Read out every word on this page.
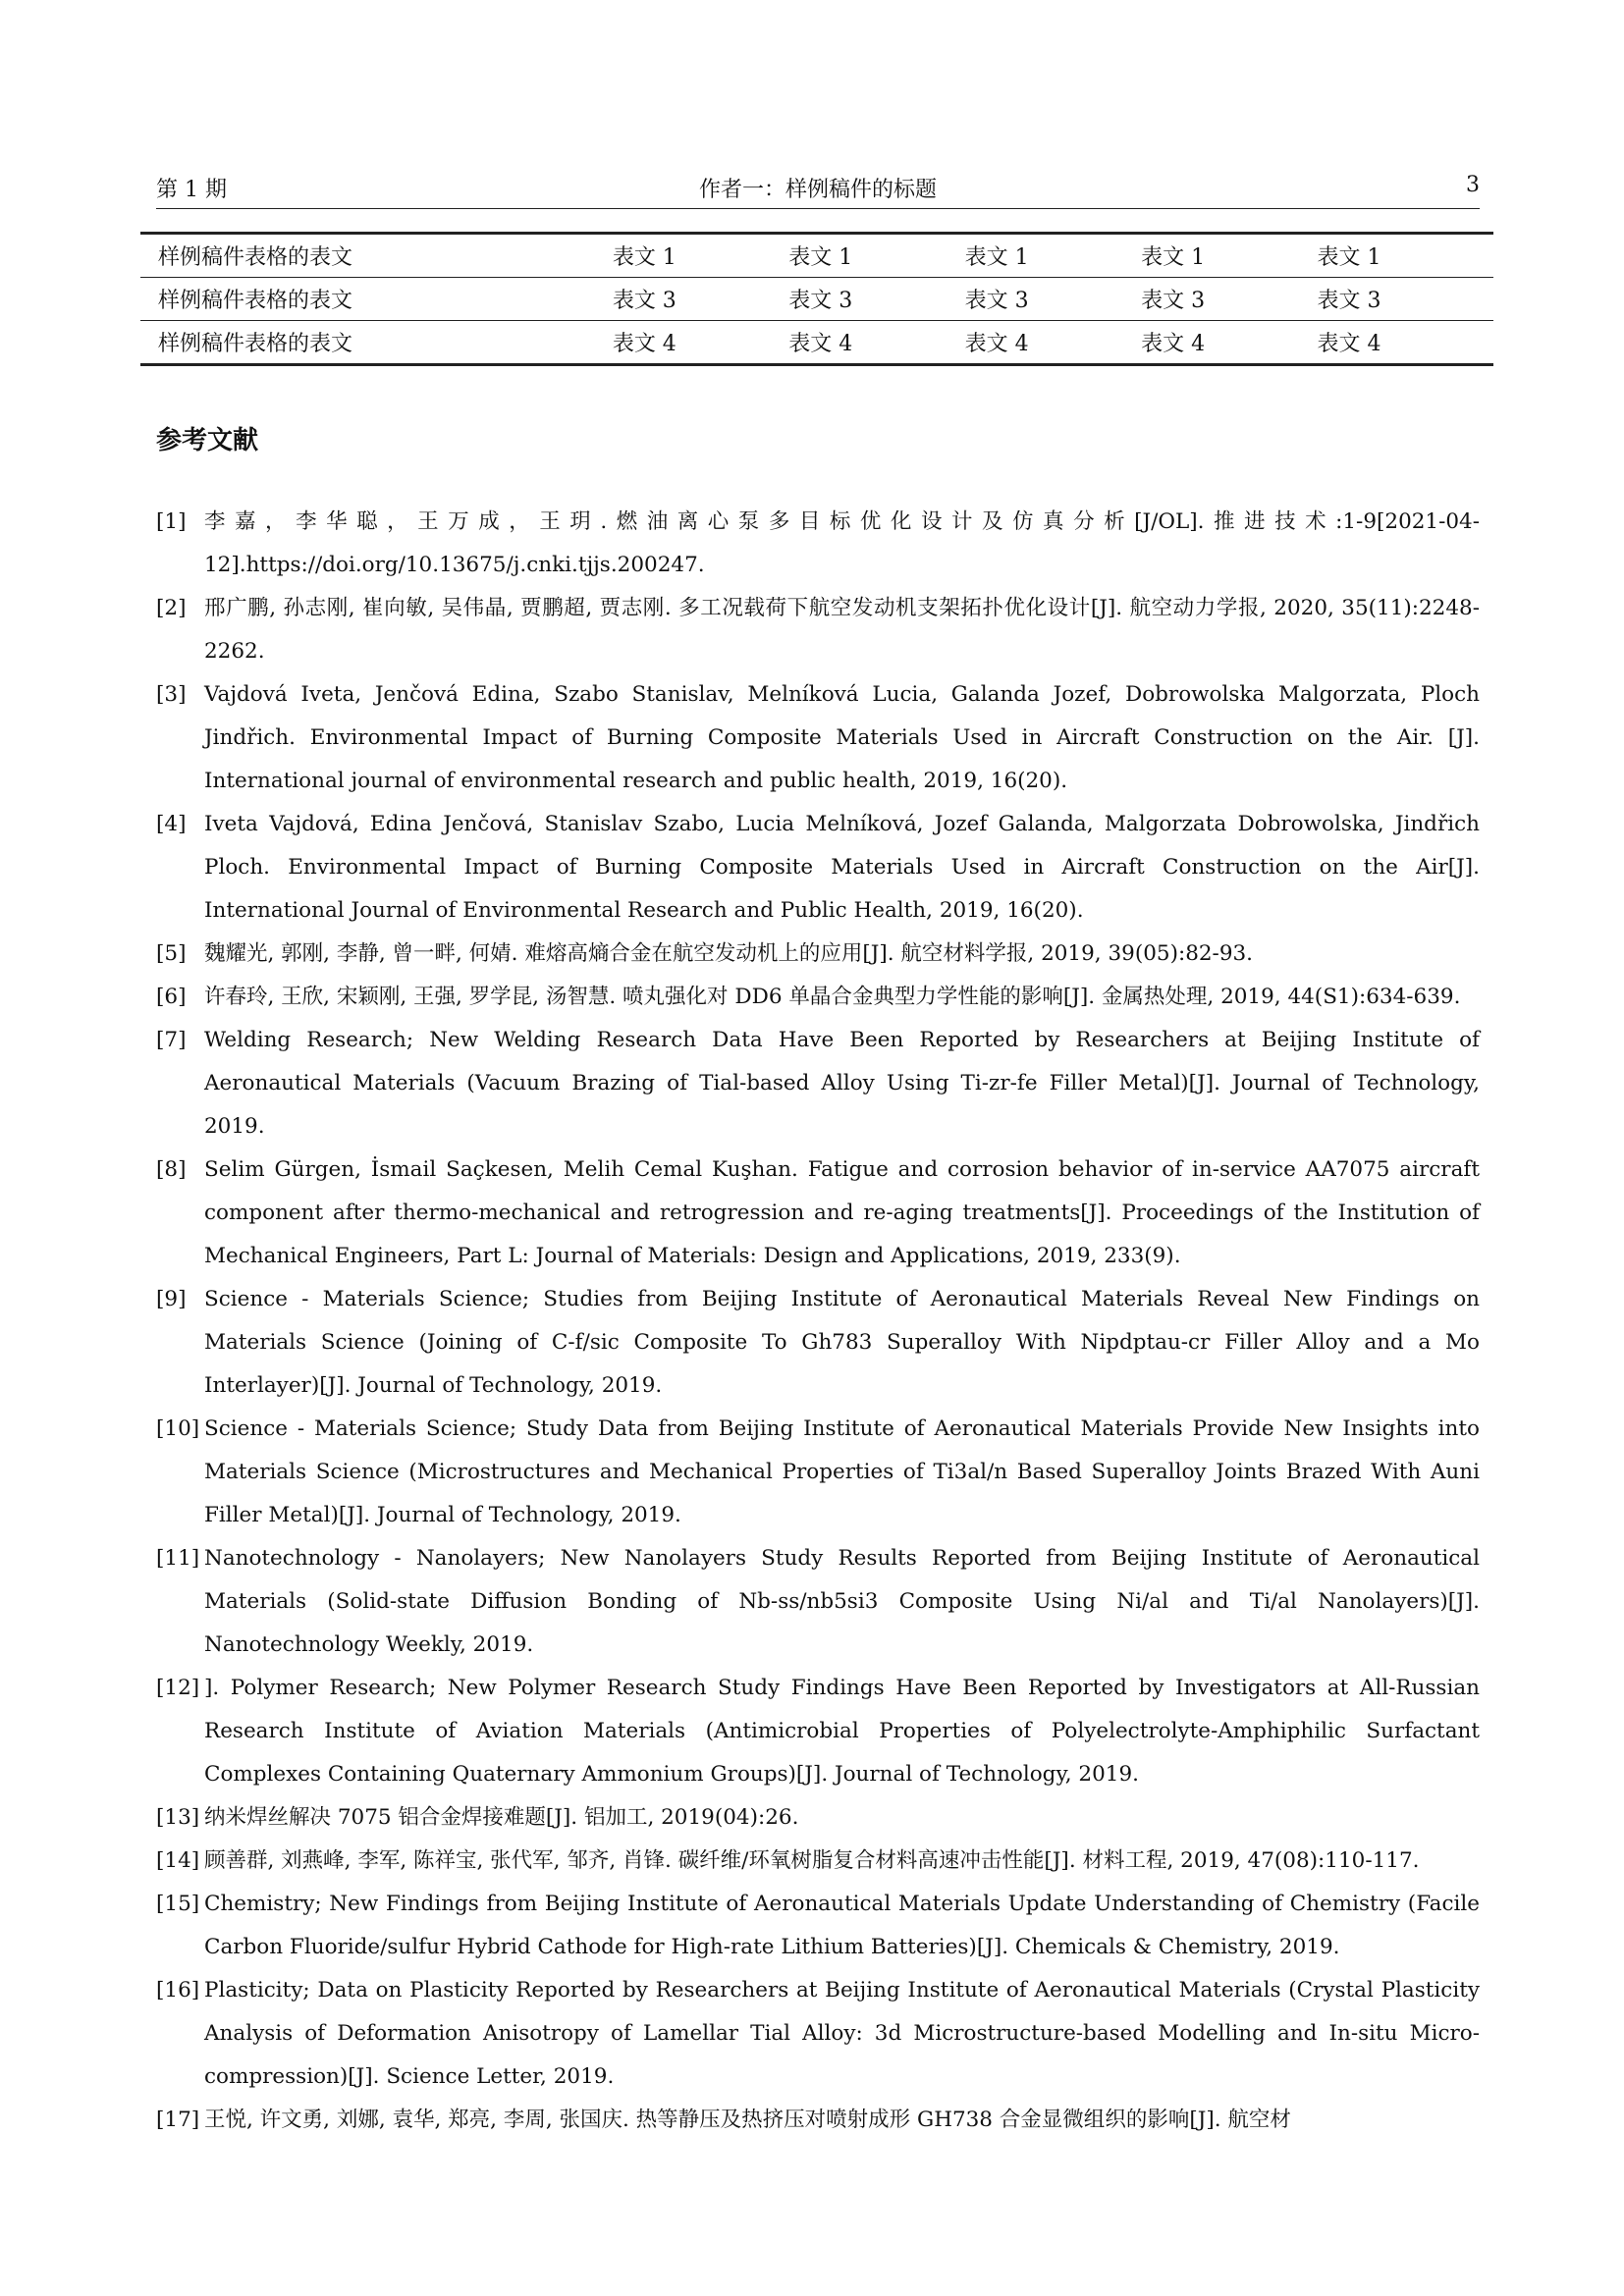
第 1 期	作者一：样例稿件的标题	3
样例稿件表格的表文	表文 1	表文 1	表文 1	表文 1	表文 1
样例稿件表格的表文	表文 3	表文 3	表文 3	表文 3	表文 3
样例稿件表格的表文	表文 4	表文 4	表文 4	表文 4	表文 4
参考文献
[1] 李嘉，李华聪，王万成，王玥.燃油离心泵多目标优化设计及仿真分析[J/OL].推进技术:1-9[2021-04-12].https://doi.org/10.13675/j.cnki.tjjs.200247.
[2] 邢广鹏, 孙志刚, 崔向敏, 吴伟晶, 贾鹏超, 贾志刚. 多工况载荷下航空发动机支架拓扑优化设计[J]. 航空动力学报, 2020, 35(11):2248-2262.
[3] Vajdová Iveta, Jenčová Edina, Szabo Stanislav, Melníková Lucia, Galanda Jozef, Dobrowolska Malgorzata, Ploch Jindřich. Environmental Impact of Burning Composite Materials Used in Aircraft Construction on the Air. [J]. International journal of environmental research and public health, 2019, 16(20).
[4] Iveta Vajdová, Edina Jenčová, Stanislav Szabo, Lucia Melníková, Jozef Galanda, Malgorzata Dobrowolska, Jindřich Ploch. Environmental Impact of Burning Composite Materials Used in Aircraft Construction on the Air[J]. International Journal of Environmental Research and Public Health, 2019, 16(20).
[5] 魏耀光, 郭刚, 李静, 曾一畔, 何婧. 难熔高熵合金在航空发动机上的应用[J]. 航空材料学报, 2019, 39(05):82-93.
[6] 许春玲, 王欣, 宋颖刚, 王强, 罗学昆, 汤智慧. 喷丸强化对 DD6 单晶合金典型力学性能的影响[J]. 金属热处理, 2019, 44(S1):634-639.
[7] Welding Research; New Welding Research Data Have Been Reported by Researchers at Beijing Institute of Aeronautical Materials (Vacuum Brazing of Tial-based Alloy Using Ti-zr-fe Filler Metal)[J]. Journal of Technology, 2019.
[8] Selim Gürgen, İsmail Saçkesen, Melih Cemal Kuşhan. Fatigue and corrosion behavior of in-service AA7075 aircraft component after thermo-mechanical and retrogression and re-aging treatments[J]. Proceedings of the Institution of Mechanical Engineers, Part L: Journal of Materials: Design and Applications, 2019, 233(9).
[9] Science - Materials Science; Studies from Beijing Institute of Aeronautical Materials Reveal New Findings on Materials Science (Joining of C-f/sic Composite To Gh783 Superalloy With Nipdptau-cr Filler Alloy and a Mo Interlayer)[J]. Journal of Technology, 2019.
[10] Science - Materials Science; Study Data from Beijing Institute of Aeronautical Materials Provide New Insights into Materials Science (Microstructures and Mechanical Properties of Ti3al/n Based Superalloy Joints Brazed With Auni Filler Metal)[J]. Journal of Technology, 2019.
[11] Nanotechnology - Nanolayers; New Nanolayers Study Results Reported from Beijing Institute of Aeronautical Materials (Solid-state Diffusion Bonding of Nb-ss/nb5si3 Composite Using Ni/al and Ti/al Nanolayers)[J]. Nanotechnology Weekly, 2019.
[12] ]. Polymer Research; New Polymer Research Study Findings Have Been Reported by Investigators at All-Russian Research Institute of Aviation Materials (Antimicrobial Properties of Polyelectrolyte-Amphiphilic Surfactant Complexes Containing Quaternary Ammonium Groups)[J]. Journal of Technology, 2019.
[13] 纳米焊丝解决 7075 铝合金焊接难题[J]. 铝加工, 2019(04):26.
[14] 顾善群, 刘燕峰, 李军, 陈祥宝, 张代军, 邹齐, 肖锋. 碳纤维/环氧树脂复合材料高速冲击性能[J]. 材料工程, 2019, 47(08):110-117.
[15] Chemistry; New Findings from Beijing Institute of Aeronautical Materials Update Understanding of Chemistry (Facile Carbon Fluoride/sulfur Hybrid Cathode for High-rate Lithium Batteries)[J]. Chemicals & Chemistry, 2019.
[16] Plasticity; Data on Plasticity Reported by Researchers at Beijing Institute of Aeronautical Materials (Crystal Plasticity Analysis of Deformation Anisotropy of Lamellar Tial Alloy: 3d Microstructure-based Modelling and In-situ Micro-compression)[J]. Science Letter, 2019.
[17] 王悦, 许文勇, 刘娜, 袁华, 郑亮, 李周, 张国庆. 热等静压及热挤压对喷射成形 GH738 合金显微组织的影响[J]. 航空材
